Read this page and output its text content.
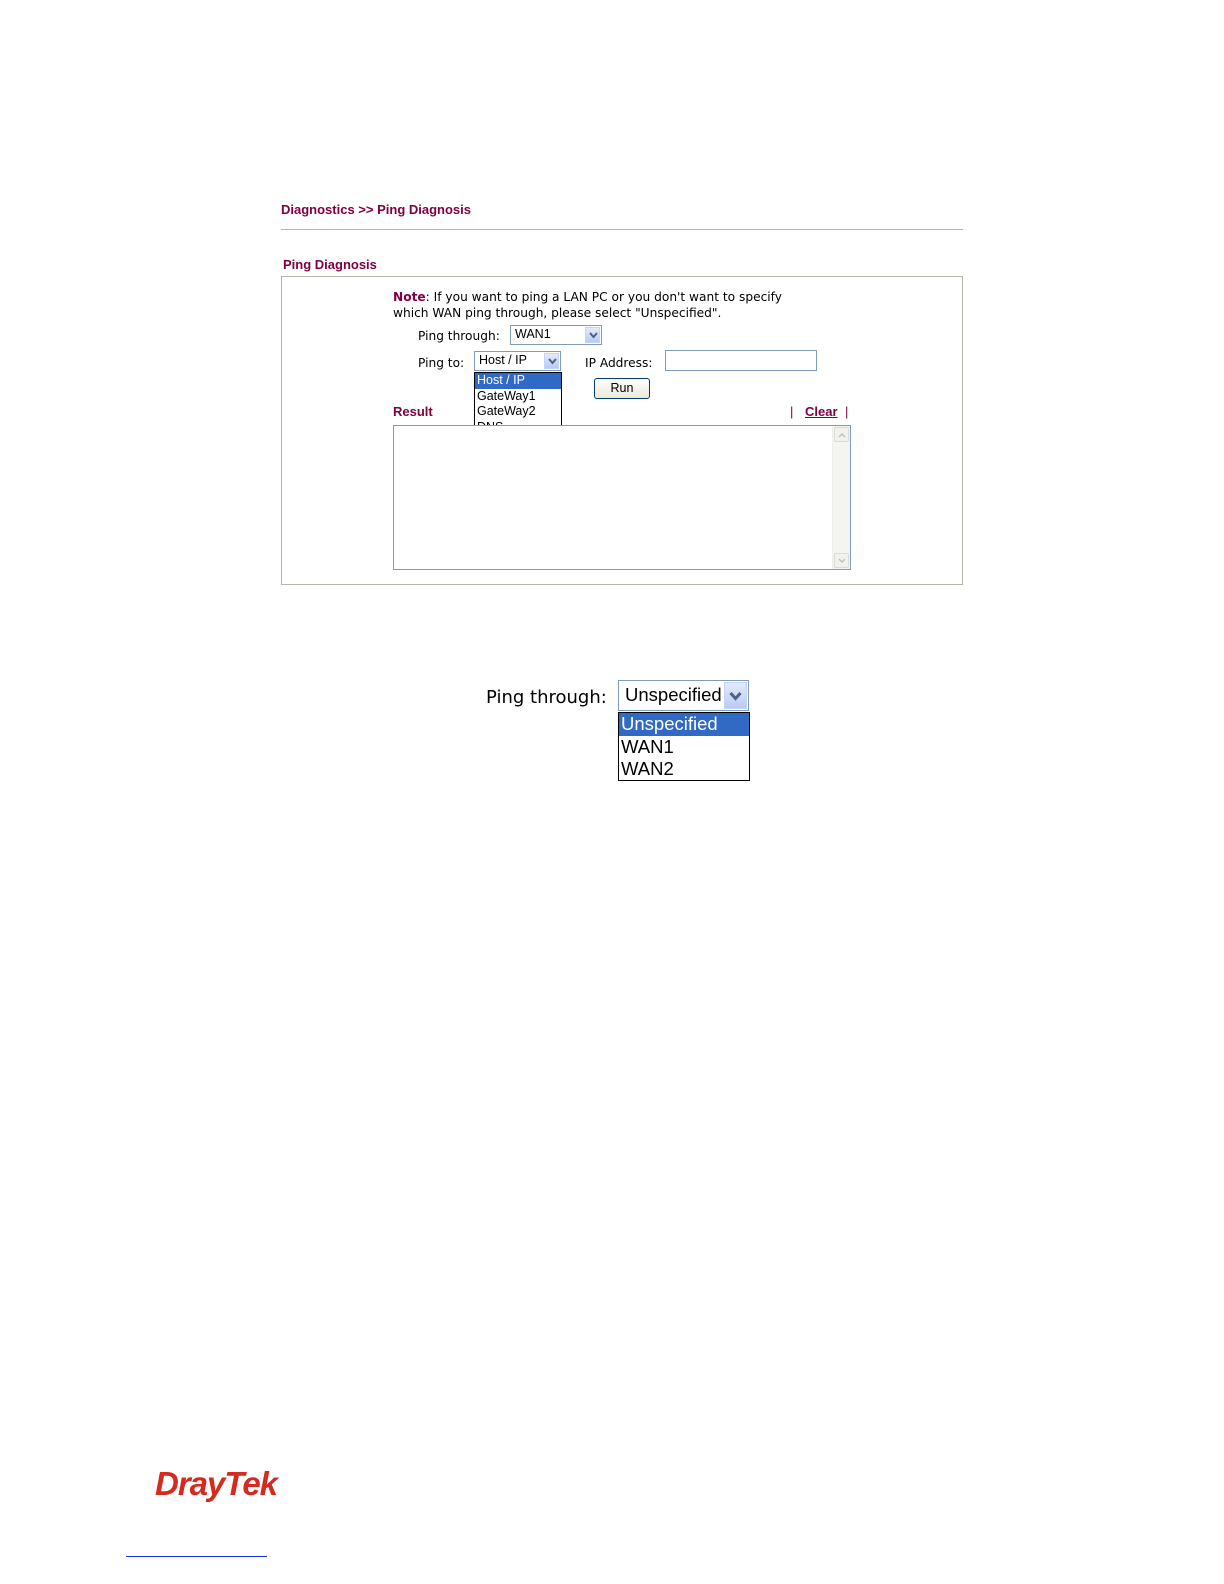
Diagnostics >> Ping Diagnosis
Ping Diagnosis
Note: If you want to ping a LAN PC or you don't want to specify
which WAN ping through, please select "Unspecified".
Ping through: WAN1
Ping to: Host / IP
Host / IP
GateWay1
GateWay2
IP Address:
Run
Result	| Clear |
Ping through: Unspecified
Unspecified
WAN1
WAN2
DrayTek
